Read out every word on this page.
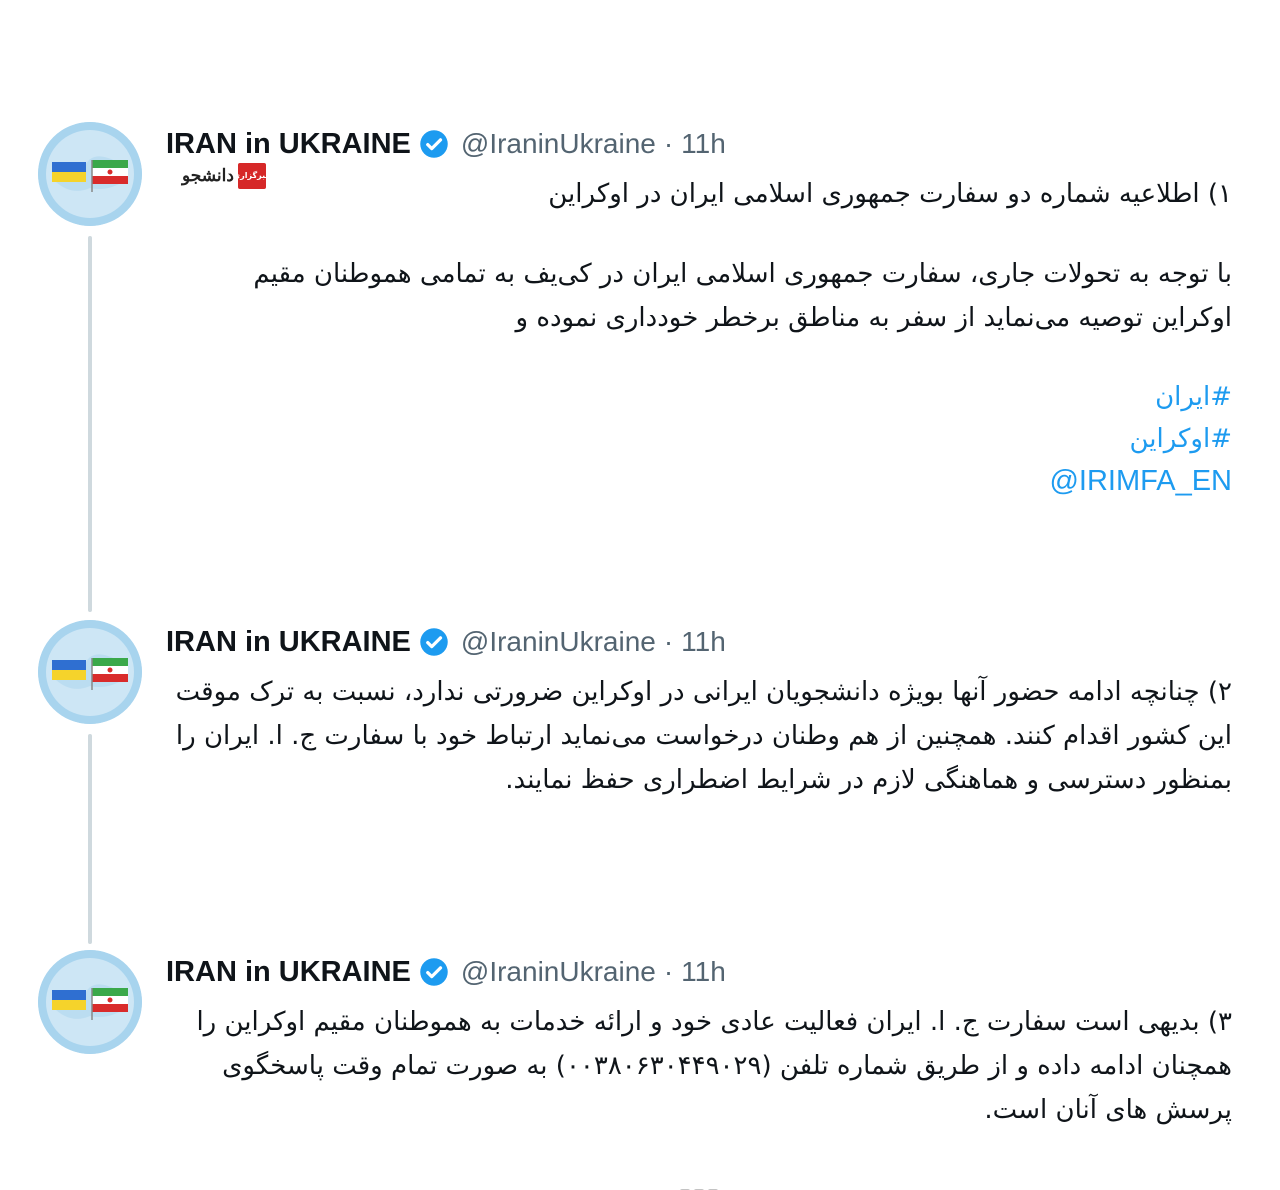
IRAN in UKRAINE @IraninUkraine · 11h
دانشجو
خبرگزاری
۱) اطلاعیه شماره دو سفارت جمهوری اسلامی ایران در اوکراین
با توجه به تحولات جاری، سفارت جمهوری اسلامی ایران در کی‌یف به تمامی هموطنان مقیم اوکراین توصیه می‌نماید از سفر به مناطق برخطر خودداری نموده و
#ایران
#اوکراین
@IRIMFA_EN
IRAN in UKRAINE @IraninUkraine · 11h
۲) چنانچه ادامه حضور آنها بویژه دانشجویان ایرانی در اوکراین ضرورتی ندارد، نسبت به ترک موقت این کشور اقدام کنند. همچنین از هم وطنان درخواست می‌نماید ارتباط خود با سفارت ج. ا. ایران را بمنظور دسترسی و هماهنگی لازم در شرایط اضطراری حفظ نمایند.
IRAN in UKRAINE @IraninUkraine · 11h
۳) بدیهی است سفارت ج. ا. ایران فعالیت عادی خود و ارائه خدمات به هموطنان مقیم اوکراین را همچنان ادامه داده و از طریق شماره تلفن (۰۰۳۸۰۶۳۰۴۴۹۰۲۹) به صورت تمام وقت پاسخگوی پرسش های آنان است.
